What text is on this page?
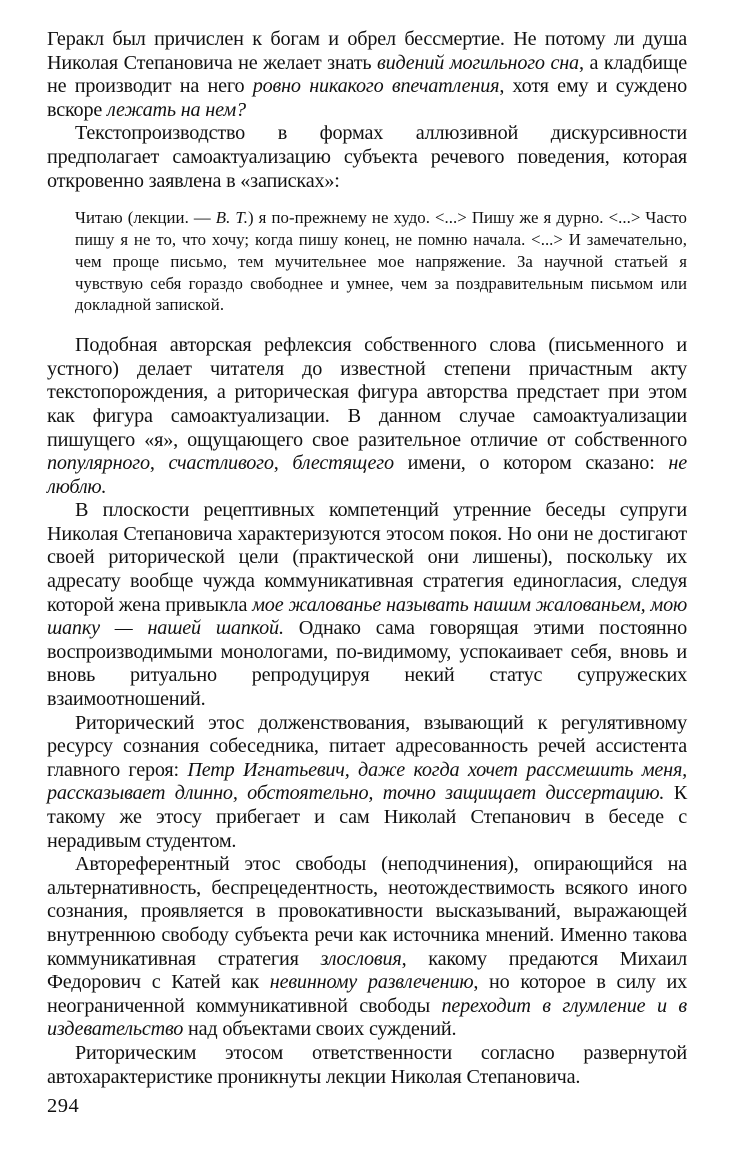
Геракл был причислен к богам и обрел бессмертие. Не потому ли душа Николая Степановича не желает знать видений могильного сна, а кладбище не производит на него ровно никакого впечатления, хотя ему и суждено вскоре лежать на нем?

Текстопроизводство в формах аллюзивной дискурсивности предполагает самоактуализацию субъекта речевого поведения, которая откровенно заявлена в «записках»:

Читаю (лекции. — В. Т.) я по-прежнему не худо. <...> Пишу же я дурно. <...> Часто пишу я не то, что хочу; когда пишу конец, не помню начала. <...> И замечательно, чем проще письмо, тем мучительнее мое напряжение. За научной статьей я чувствую себя гораздо свободнее и умнее, чем за поздравительным письмом или докладной запиской.

Подобная авторская рефлексия собственного слова (письменного и устного) делает читателя до известной степени причастным акту текстопорождения, а риторическая фигура авторства предстает при этом как фигура самоактуализации. В данном случае самоактуализации пишущего «я», ощущающего свое разительное отличие от собственного популярного, счастливого, блестящего имени, о котором сказано: не люблю.

В плоскости рецептивных компетенций утренние беседы супруги Николая Степановича характеризуются этосом покоя. Но они не достигают своей риторической цели (практической они лишены), поскольку их адресату вообще чужда коммуникативная стратегия единогласия, следуя которой жена привыкла мое жалованье называть нашим жалованьем, мою шапку — нашей шапкой. Однако сама говорящая этими постоянно воспроизводимыми монологами, по-видимому, успокаивает себя, вновь и вновь ритуально репродуцируя некий статус супружеских взаимоотношений.

Риторический этос долженствования, взывающий к регулятивному ресурсу сознания собеседника, питает адресованность речей ассистента главного героя: Петр Игнатьевич, даже когда хочет рассмешить меня, рассказывает длинно, обстоятельно, точно защищает диссертацию. К такому же этосу прибегает и сам Николай Степанович в беседе с нерадивым студентом.

Автореферентный этос свободы (неподчинения), опирающийся на альтернативность, беспрецедентность, неотождествимость всякого иного сознания, проявляется в провокативности высказываний, выражающей внутреннюю свободу субъекта речи как источника мнений. Именно такова коммуникативная стратегия злословия, какому предаются Михаил Федорович с Катей как невинному развлечению, но которое в силу их неограниченной коммуникативной свободы переходит в глумление и в издевательство над объектами своих суждений.

Риторическим этосом ответственности согласно развернутой автохарактеристике проникнуты лекции Николая Степановича.

294
